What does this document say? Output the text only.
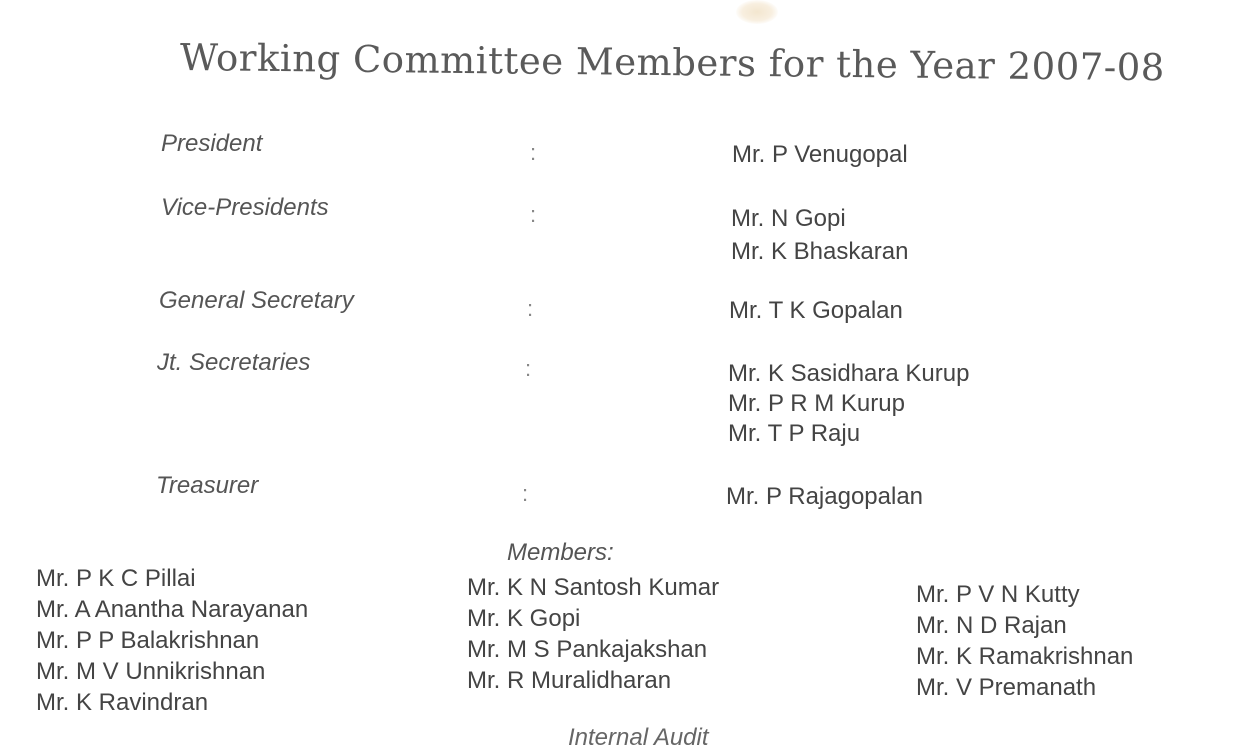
Working Committee Members for the Year 2007-08
President	:	Mr. P Venugopal
Vice-Presidents	:	Mr. N Gopi
Mr. K Bhaskaran
General Secretary	:	Mr. T K Gopalan
Jt. Secretaries	:	Mr. K Sasidhara Kurup
Mr. P R M Kurup
Mr. T P Raju
Treasurer	:	Mr. P Rajagopalan
Members:
Mr. P K C Pillai
Mr. A Anantha Narayanan
Mr. P P Balakrishnan
Mr. M V Unnikrishnan
Mr. K Ravindran
Mr. K N Santosh Kumar
Mr. K Gopi
Mr. M S Pankajakshan
Mr. R Muralidharan
Mr. P V N Kutty
Mr. N D Rajan
Mr. K Ramakrishnan
Mr. V Premanath
Internal Audit
